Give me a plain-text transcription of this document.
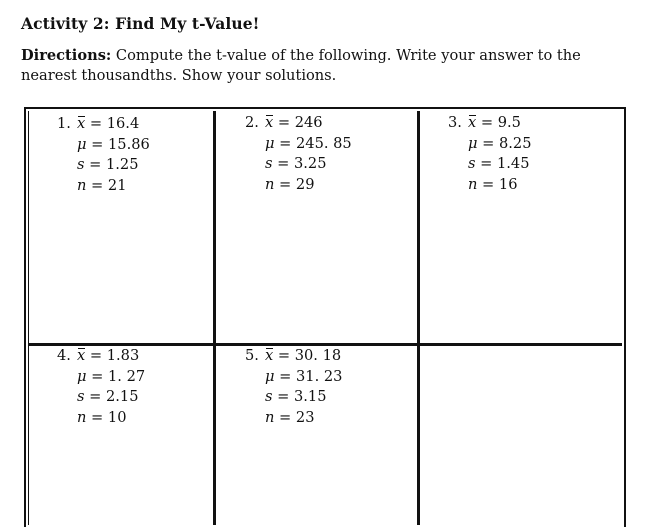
Activity 2: Find My t-Value!
Directions: Compute the t-value of the following. Write your answer to the nearest thousandths. Show your solutions.
1. x = 16.4
μ = 15.86
s = 1.25
n = 21
2. x = 246
μ = 245. 85
s = 3.25
n = 29
3. x = 9.5
μ = 8.25
s = 1.45
n = 16
4. x = 1.83
μ = 1. 27
s = 2.15
n = 10
5. x = 30. 18
μ = 31. 23
s = 3.15
n = 23
